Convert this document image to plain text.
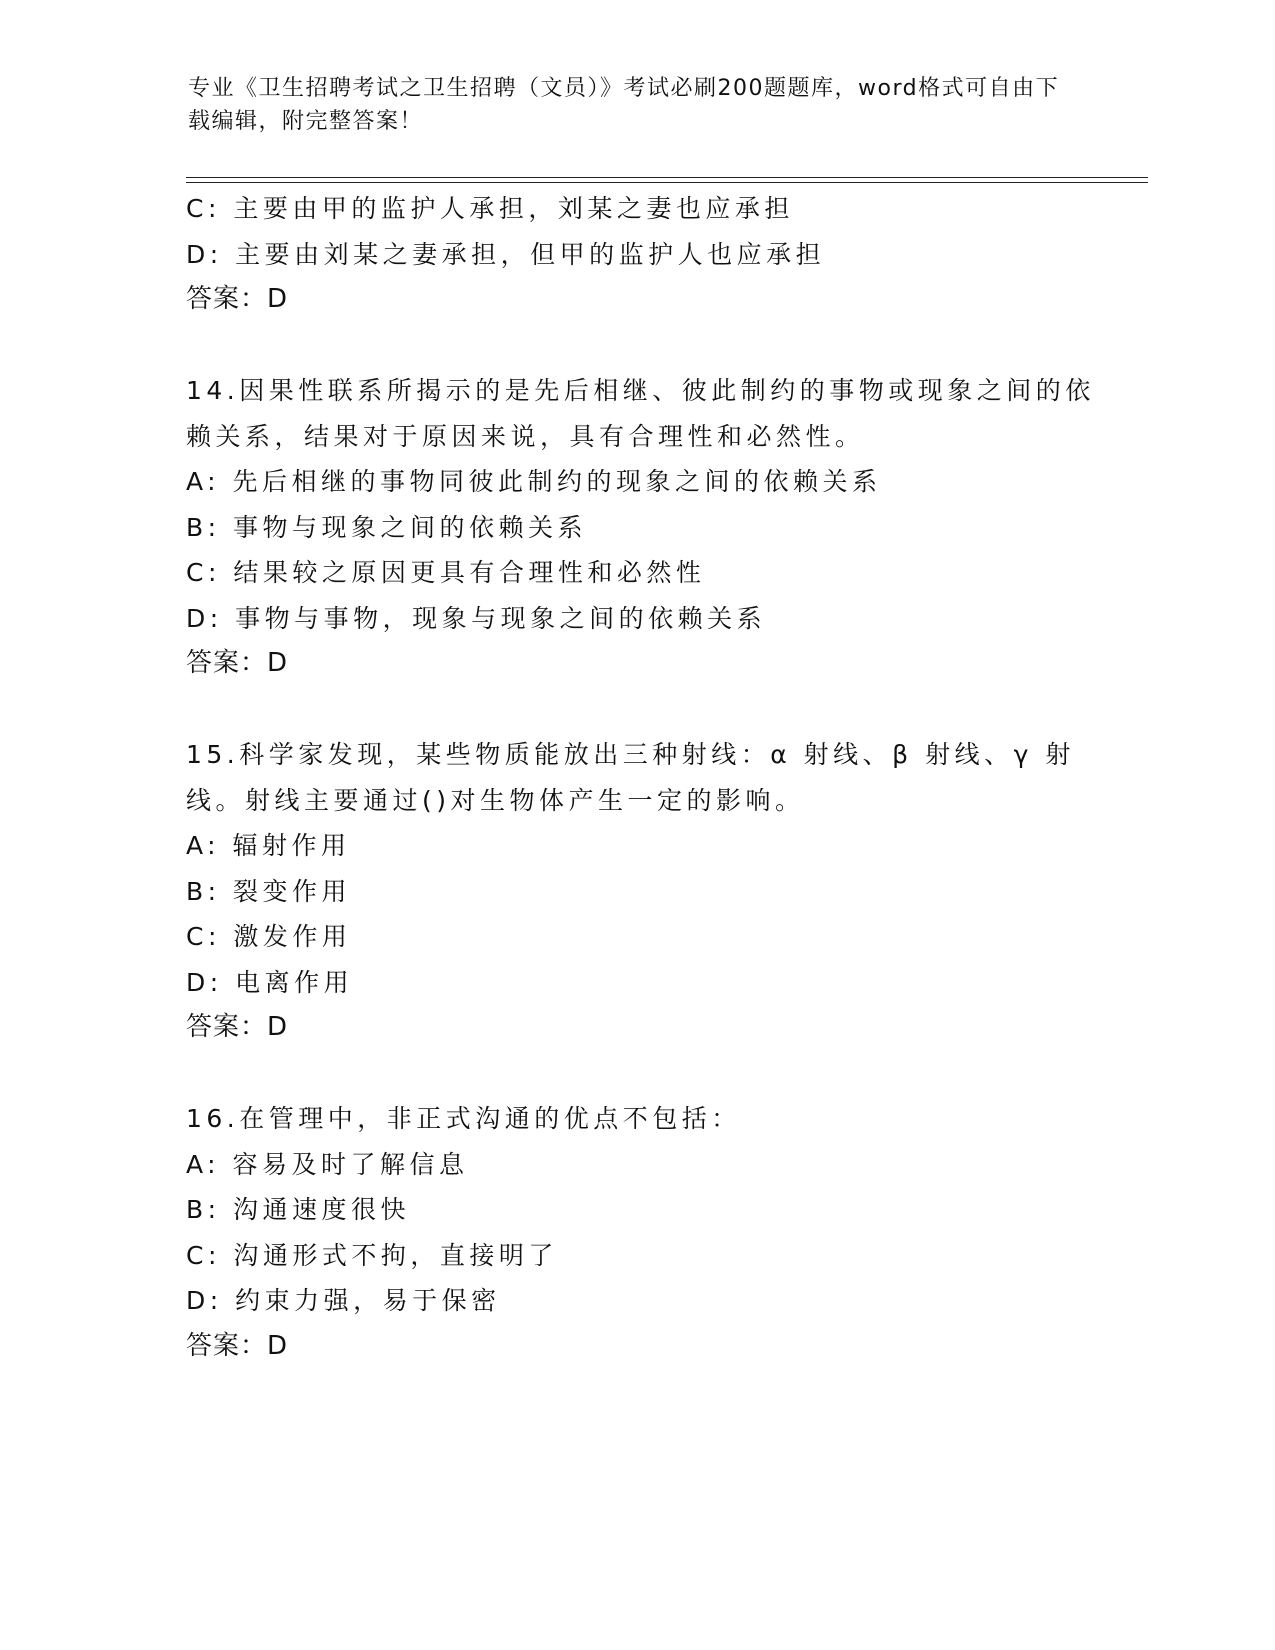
专业《卫生招聘考试之卫生招聘（文员）》考试必刷200题题库，word格式可自由下载编辑，附完整答案！
C: 主要由甲的监护人承担，刘某之妻也应承担
D: 主要由刘某之妻承担，但甲的监护人也应承担
答案：D
14.因果性联系所揭示的是先后相继、彼此制约的事物或现象之间的依
赖关系，结果对于原因来说，具有合理性和必然性。
A: 先后相继的事物同彼此制约的现象之间的依赖关系
B: 事物与现象之间的依赖关系
C: 结果较之原因更具有合理性和必然性
D: 事物与事物，现象与现象之间的依赖关系
答案：D
15.科学家发现，某些物质能放出三种射线：α 射线、β 射线、γ 射
线。射线主要通过()对生物体产生一定的影响。
A: 辐射作用
B: 裂变作用
C: 激发作用
D: 电离作用
答案：D
16.在管理中，非正式沟通的优点不包括：
A: 容易及时了解信息
B: 沟通速度很快
C: 沟通形式不拘，直接明了
D: 约束力强，易于保密
答案：D
